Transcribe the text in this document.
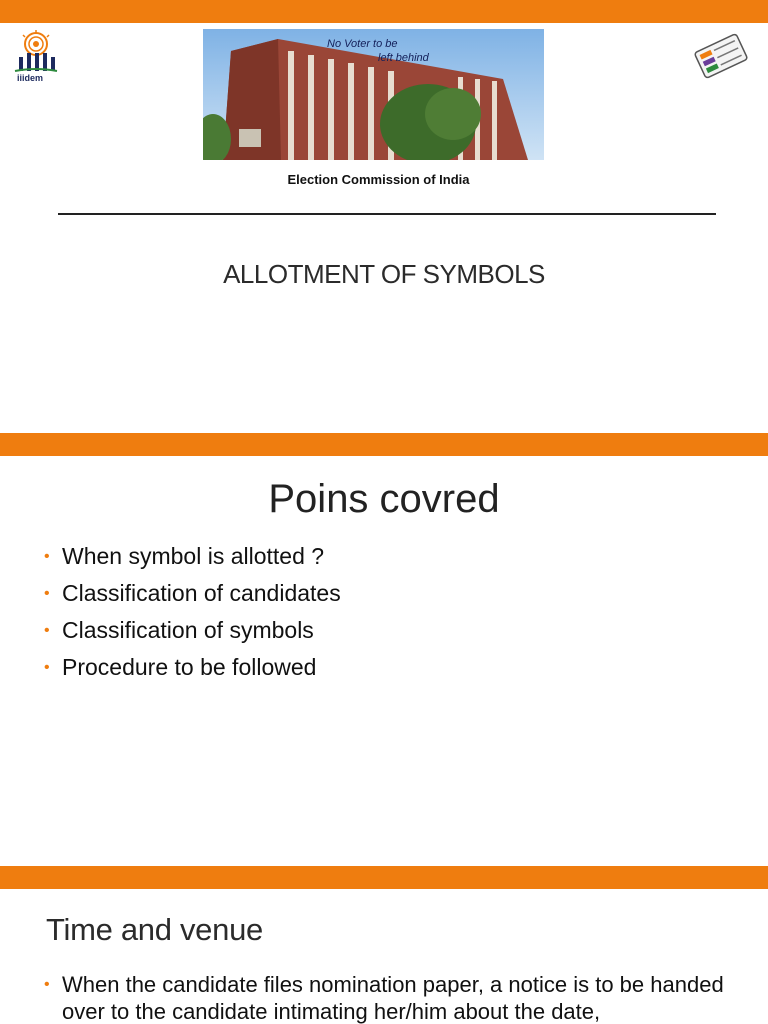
iiidem
No Voter to be
left behind
Election Commission of India
ALLOTMENT OF SYMBOLS
Poins covred
• When symbol is allotted ?
• Classification of candidates
• Classification of symbols
• Procedure to be followed
Time and venue
• When the candidate files nomination paper, a notice is to be handed over to the candidate intimating her/him about the date,
